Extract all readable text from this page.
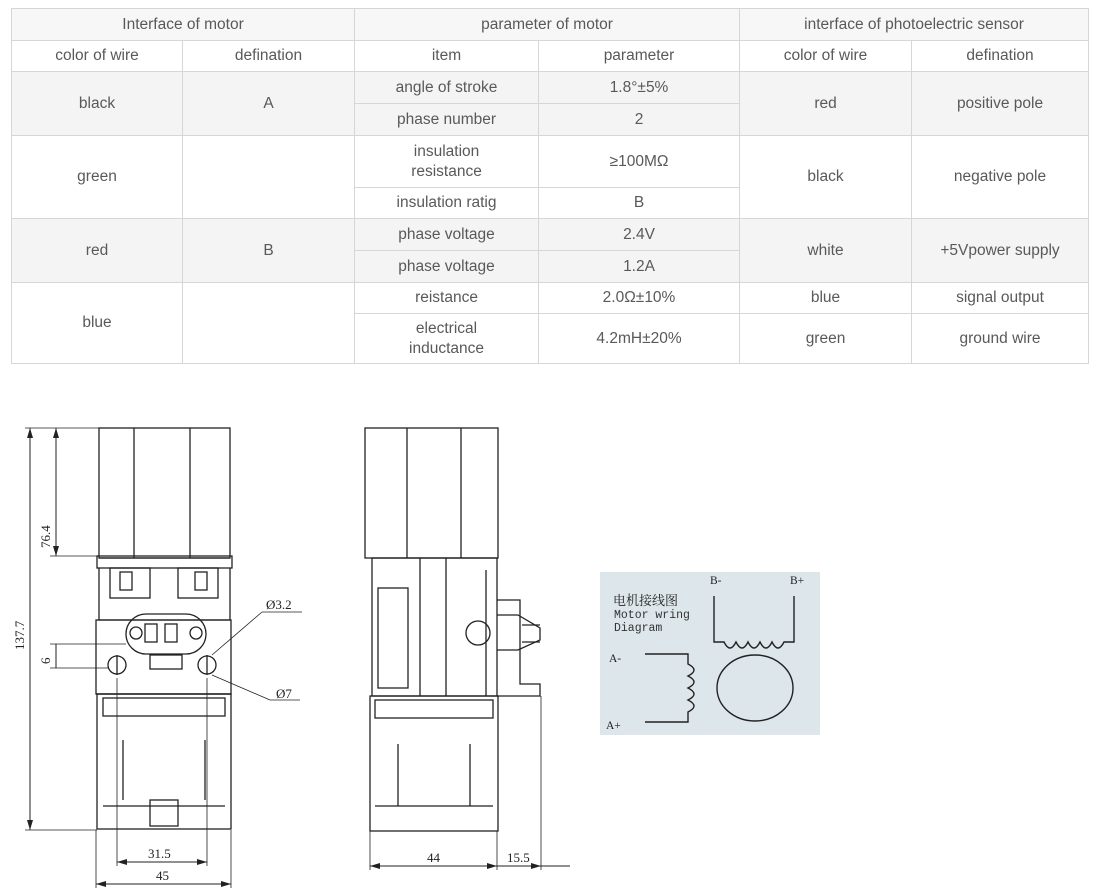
Interface of motor		parameter of motor		interface of photoelectric sensor	
color of wire	defination	item	parameter	color of wire	defination
black	A	angle of stroke	1.8°±5%	red	positive pole
		phase number	2		
green		insulation resistance	≥100MΩ	black	negative pole
		insulation ratig	B		
red	B	phase voltage	2.4V	white	+5Vpower supply
		phase voltage	1.2A		
blue		reistance	2.0Ω±10%	blue	signal output
		electrical inductance	4.2mH±20%	green	ground wire
137.7
76.4
6
Ø3.2
Ø7
31.5
45
44	15.5
电机接线图
Motor wring
Diagram
B-	B+
A-
A+
